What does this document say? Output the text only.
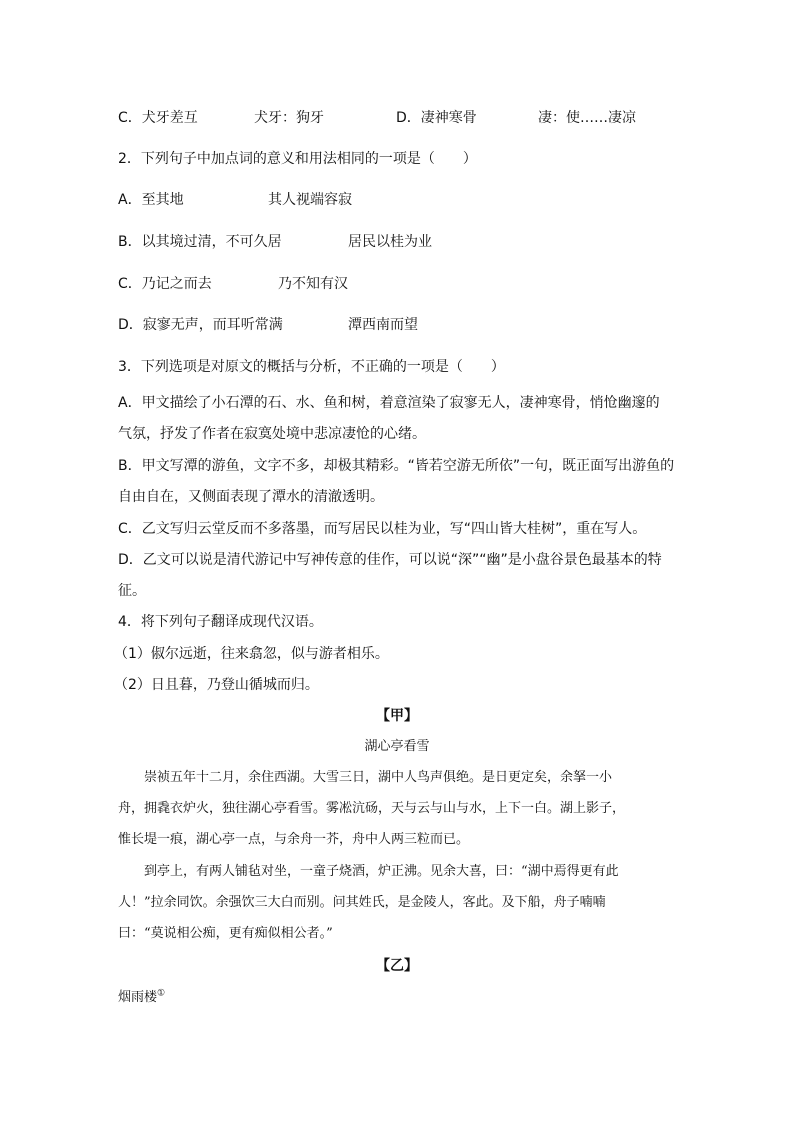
C．犬牙差互	犬牙：狗牙	D．凄神寒骨	凄：使……凄凉
2．下列句子中加点词的意义和用法相同的一项是（　　）
A．至其地	其人视端容寂
B．以其境过清，不可久居	居民以桂为业
C．乃记之而去	乃不知有汉
D．寂寥无声，而耳听常满	潭西南而望
3．下列选项是对原文的概括与分析，不正确的一项是（　　）
A．甲文描绘了小石潭的石、水、鱼和树，着意渲染了寂寥无人，凄神寒骨，悄怆幽邃的
气氛，抒发了作者在寂寞处境中悲凉凄怆的心绪。
B．甲文写潭的游鱼，文字不多，却极其精彩。“皆若空游无所依”一句，既正面写出游鱼的
自由自在，又侧面表现了潭水的清澈透明。
C．乙文写归云堂反而不多落墨，而写居民以桂为业，写“四山皆大桂树”，重在写人。
D．乙文可以说是清代游记中写神传意的佳作，可以说“深”“幽”是小盘谷景色最基本的特
征。
4．将下列句子翻译成现代汉语。
（1）俶尔远逝，往来翕忽，似与游者相乐。
（2）日且暮，乃登山循城而归。
【甲】
湖心亭看雪
　　崇祯五年十二月，余住西湖。大雪三日，湖中人鸟声俱绝。是日更定矣，余拏一小
舟，拥毳衣炉火，独往湖心亭看雪。雾凇沆砀，天与云与山与水，上下一白。湖上影子，
惟长堤一痕，湖心亭一点，与余舟一芥，舟中人两三粒而已。
　　到亭上，有两人铺毡对坐，一童子烧酒，炉正沸。见余大喜，曰：“湖中焉得更有此
人！”拉余同饮。余强饮三大白而别。问其姓氏，是金陵人，客此。及下船，舟子喃喃
曰：“莫说相公痴，更有痴似相公者。”
【乙】
烟雨楼①
